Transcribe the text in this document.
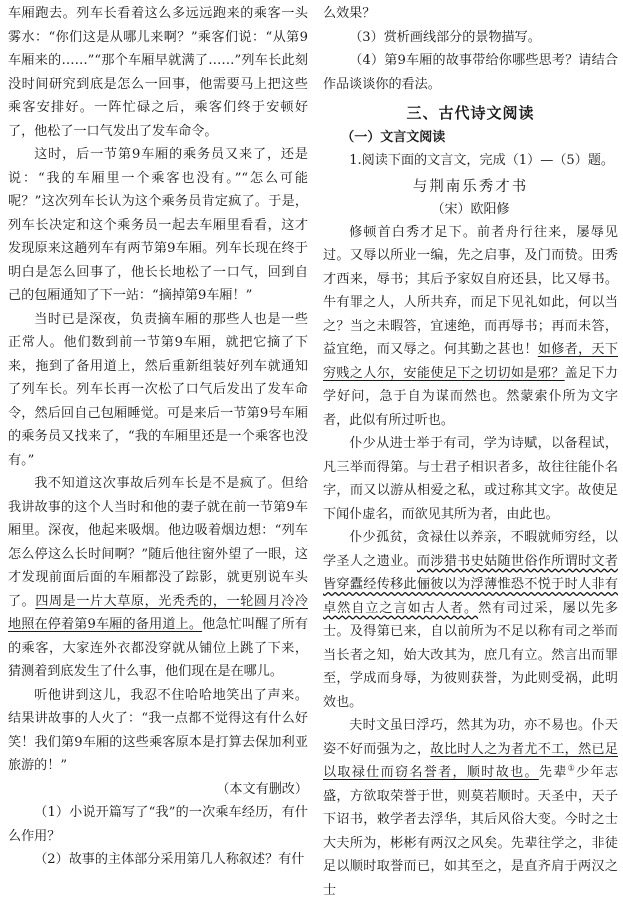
车厢跑去。列车长看着这么多远远跑来的乘客一头雾水：“你们这是从哪儿来啊？”乘客们说：“从第9车厢来的……”“那个车厢早就满了……”列车长此刻没时间研究到底是怎么一回事，他需要马上把这些乘客安排好。一阵忙碌之后，乘客们终于安顿好了，他松了一口气发出了发车命令。

这时，后一节第9车厢的乘务员又来了，还是说：“我的车厢里一个乘客也没有。”“怎么可能呢？”这次列车长认为这个乘务员肯定疯了。于是，列车长决定和这个乘务员一起去车厢里看看，这才发现原来这趟列车有两节第9车厢。列车长现在终于明白是怎么回事了，他长长地松了一口气，回到自己的包厢通知了下一站：“摘掉第9车厢！”

当时已是深夜，负责摘车厢的那些人也是一些正常人。他们数到前一节第9车厢，就把它摘了下来，拖到了备用道上，然后重新组装好列车就通知了列车长。列车长再一次松了口气后发出了发车命令，然后回自己包厢睡觉。可是来后一节第9号车厢的乘务员又找来了，“我的车厢里还是一个乘客也没有。”

我不知道这次事故后列车长是不是疯了。但给我讲故事的这个人当时和他的妻子就在前一节第9车厢里。深夜，他起来吸烟。他边吸着烟边想：“列车怎么停这么长时间啊？”随后他往窗外望了一眼，这才发现前面后面的车厢都没了踪影，就更别说车头了。四周是一片大草原，光秃秃的，一轮圆月冷冷地照在停着第9车厢的备用道上。他急忙叫醒了所有的乘客，大家连外衣都没穿就从铺位上跳了下来，猜测着到底发生了什么事，他们现在是在哪儿。

听他讲到这儿，我忍不住哈哈地笑出了声来。结果讲故事的人火了：“我一点都不觉得这有什么好笑！我们第9车厢的这些乘客原本是打算去保加利亚旅游的！”

（本文有删改）

（1）小说开篇写了“我”的一次乘车经历，有什么作用？

（2）故事的主体部分采用第几人称叙述？有什

么效果？

（3）赏析画线部分的景物描写。

（4）第9车厢的故事带给你哪些思考？请结合作品谈谈你的看法。

三、古代诗文阅读
（一）文言文阅读

1.阅读下面的文言文，完成（1）—（5）题。

与荆南乐秀才书

（宋）欧阳修

修顿首白秀才足下。前者舟行往来，屡辱见过。又辱以所业一编，先之启事，及门而贽。田秀才西来，辱书；其后予家奴自府还县，比又辱书。牛有罪之人，人所共弃，而足下见礼如此，何以当之？当之未暇答，宜速绝，而再辱书；再而未答，益宜绝，而又辱之。何其勤之甚也！如修者，天下穷贱之人尔，安能使足下之切切如是邪？盖足下力学好问，急于自为谋而然也。然蒙索仆所为文字者，此似有所过听也。

仆少从进士举于有司，学为诗赋，以备程试，凡三举而得第。与士君子相识者多，故往往能仆名字，而又以游从相爱之私，或过称其文字。故使足下闻仆虚名，而欲见其所为者，由此也。

仆少孤贫，贪禄仕以养亲，不暇就师穷经，以学圣人之遗业。而涉猎书史姑随世俗作所谓时文者皆穿蠹经传移此俪彼以为浮薄惟恐不悦于时人非有卓然自立之言如古人者。然有司过采，屡以先多士。及得第已来，自以前所为不足以称有司之举而当长者之知，始大改其为，庶几有立。然言出而罪至，学成而身辱，为彼则获誉，为此则受祸，此明效也。

夫时文虽曰浮巧，然其为功，亦不易也。仆天姿不好而强为之，故比时人之为者尤不工，然已足以取禄仕而窃名誉者，顺时故也。先辈①少年志盛，方欲取荣誉于世，则莫若顺时。天圣中，天子下诏书，敕学者去浮华，其后风俗大变。今时之士大夫所为，彬彬有两汉之风矣。先辈往学之，非徒足以顺时取誉而已，如其至之，是直齐肩于两汉之士
